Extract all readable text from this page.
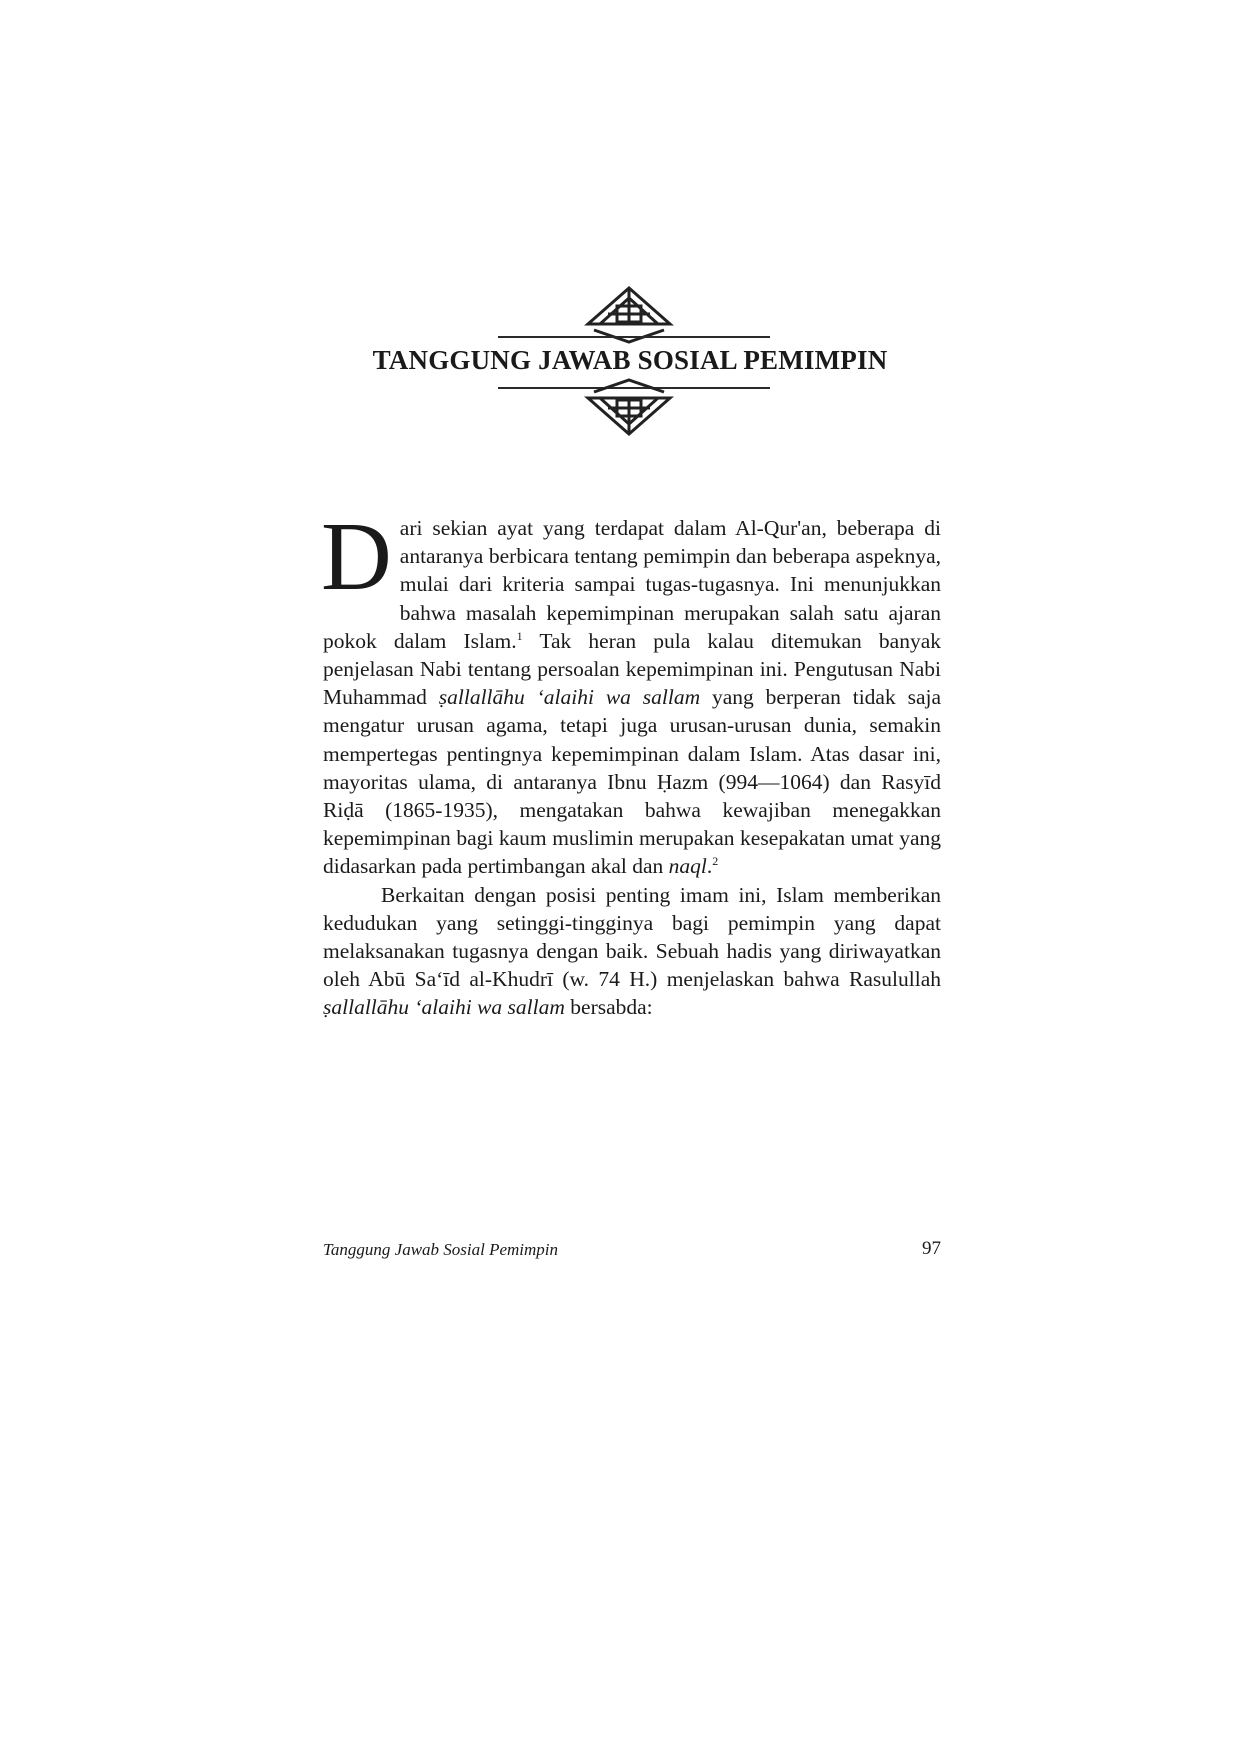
TANGGUNG JAWAB SOSIAL PEMIMPIN

Dari sekian ayat yang terdapat dalam Al-Qur'an, beberapa di antaranya berbicara tentang pemimpin dan beberapa aspeknya, mulai dari kriteria sampai tugas-tugasnya. Ini menunjukkan bahwa masalah kepemimpinan merupakan salah satu ajaran pokok dalam Islam.$^1$ Tak heran pula kalau ditemukan banyak penjelasan Nabi tentang persoalan kepemimpinan ini. Pengutusan Nabi Muhammad ṣallallāhu ‘alaihi wa sallam yang berperan tidak saja mengatur urusan agama, tetapi juga urusan-urusan dunia, semakin mempertegas pentingnya kepemimpinan dalam Islam. Atas dasar ini, mayoritas ulama, di antaranya Ibnu Ḥazm (994—1064) dan Rasyīd Riḍā (1865-1935), mengatakan bahwa kewajiban menegakkan kepemimpinan bagi kaum muslimin merupakan kesepakatan umat yang didasarkan pada pertimbangan akal dan naql.$^2$

Berkaitan dengan posisi penting imam ini, Islam memberikan kedudukan yang setinggi-tingginya bagi pemimpin yang dapat melaksanakan tugasnya dengan baik. Sebuah hadis yang diriwayatkan oleh Abū Sa‘īd al-Khudrī (w. 74 H.) menjelaskan bahwa Rasulullah ṣallallāhu ‘alaihi wa sallam bersabda:

Tanggung Jawab Sosial Pemimpin	97
